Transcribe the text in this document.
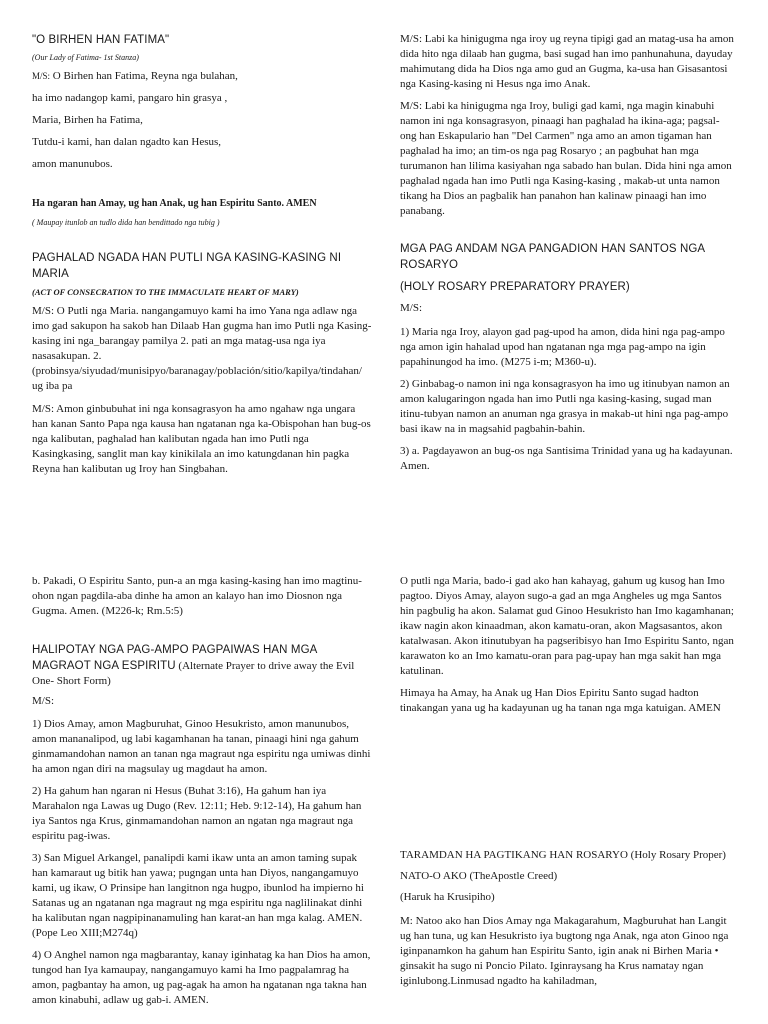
"O BIRHEN HAN FATIMA"

(Our Lady of Fatima- 1st Stanza)

M/S: O Birhen han Fatima, Reyna nga bulahan,

ha imo nadangop kami, pangaro hin grasya ,

Maria, Birhen ha Fatima,

Tutdu-i kami, han dalan ngadto kan Hesus,

amon manunubos.

Ha ngaran han Amay, ug han Anak, ug han Espiritu Santo. AMEN

( Maupay itunlob an tudlo dida han bendittado nga tubig )

PAGHALAD NGADA HAN PUTLI NGA KASING-KASING NI MARIA

(ACT OF CONSECRATION TO THE IMMACULATE HEART OF MARY)

M/S: O Putli nga Maria. nangangamuyo kami ha imo Yana nga adlaw nga imo gad sakupon ha sakob han Dilaab Han gugma han imo Putli nga Kasing-kasing ini nga_barangay pamilya 2. pati an mga matag-usa nga iya nasasakupan. 2.(probinsya/siyudad/munisipyo/baranagay/población/sitio/kapilya/tindahan/ ug iba pa

M/S: Amon ginbubuhat ini nga konsagrasyon ha amo ngahaw nga ungara han kanan Santo Papa nga kausa han ngatanan nga ka-Obispohan han bug-os nga kalibutan, paghalad han kalibutan ngada han imo Putli nga Kasingkasing, sanglit man kay kinikilala an imo katungdanan hin pagka Reyna han kalibutan ug Iroy han Singbahan.

M/S: Labi ka hinigugma nga iroy ug reyna tipigi gad an matag-usa ha amon dida hito nga dilaab han gugma, basi sugad han imo panhunahuna, dayuday mahimutang dida ha Dios nga amo gud an Gugma, ka-usa han Gisasantosi nga Kasing-kasing ni Hesus nga imo Anak.

M/S: Labi ka hinigugma nga Iroy, buligi gad kami, nga magin kinabuhi namon ini nga konsagrasyon, pinaagi han paghalad ha ikina-aga; pagsal-ong han Eskapulario han "Del Carmen" nga amo an amon tigaman han paghalad ha imo; an tim-os nga pag Rosaryo ; an pagbuhat han mga turumanon han lilima kasiyahan nga sabado han bulan. Dida hini nga amon paghalad ngada han imo Putli nga Kasing-kasing , makab-ut unta namon tikang ha Dios an pagbalik han panahon han kalinaw pinaagi han imo panabang.

MGA PAG ANDAM NGA PANGADION HAN SANTOS NGA ROSARYO

(HOLY ROSARY PREPARATORY PRAYER)

M/S:

1) Maria nga Iroy, alayon gad pag-upod ha amon, dida hini nga pag-ampo nga amon igin hahalad upod han ngatanan nga mga pag-ampo na igin papahinungod ha imo. (M275 i-m; M360-u).

2) Ginbabag-o namon ini nga konsagrasyon ha imo ug itinubyan namon an amon kalugaringon ngada han imo Putli nga kasing-kasing, sugad man itinu-tubyan namon an anuman nga grasya in makab-ut hini nga pag-ampo basi ikaw na in magsahid pagbahin-bahin.

3) a. Pagdayawon an bug-os nga Santisima Trinidad yana ug ha kadayunan. Amen.

b. Pakadi, O Espiritu Santo, pun-a an mga kasing-kasing han imo magtinu-ohon ngan pagdila-aba dinhe ha amon an kalayo han imo Diosnon nga Gugma. Amen. (M226-k; Rm.5:5)

HALIPOTAY NGA PAG-AMPO PAGPAIWAS HAN MGA MAGRAOT NGA ESPIRITU (Alternate Prayer to drive away the Evil One- Short Form)

M/S:

1) Dios Amay, amon Magburuhat, Ginoo Hesukristo, amon manunubos, amon mananalipod, ug labi kagamhanan ha tanan, pinaagi hini nga gahum ginmamandohan namon an tanan nga magraut nga espiritu nga umiwas dinhi ha amon ngan diri na magsulay ug magdaut ha amon.

2) Ha gahum han ngaran ni Hesus (Buhat 3:16), Ha gahum han iya Marahalon nga Lawas ug Dugo (Rev. 12:11; Heb. 9:12-14), Ha gahum han iya Santos nga Krus, ginmamandohan namon an ngatan nga magraut nga espiritu pag-iwas.

3) San Miguel Arkangel, panalipdi kami ikaw unta an amon taming supak han kamaraut ug bitik han yawa; pugngan unta han Diyos, nangangamuyo kami, ug ikaw, O Prinsipe han langitnon nga hugpo, ibunlod ha impierno hi Satanas ug an ngatanan nga magraut ng mga espiritu nga naglilinakat dinhi ha kalibutan ngan nagpipinanamuling han karat-an han mga kalag. AMEN. (Pope Leo XIII;M274q)

4) O Anghel namon nga magbarantay, kanay iginhatag ka han Dios ha amon, tungod han Iya kamaupay, nangangamuyo kami ha Imo pagpalamrag ha amon, pagbantay ha amon, ug pag-agak ha amon ha ngatanan nga takna han amon kinabuhi, adlaw ug gab-i. AMEN.

O putli nga Maria, bado-i gad ako han kahayag, gahum ug kusog han Imo pagtoo. Diyos Amay, alayon sugo-a gad an mga Angheles ug mga Santos hin pagbulig ha akon. Salamat gud Ginoo Hesukristo han Imo kagamhanan; ikaw nagin akon kinaadman, akon kamatu-oran, akon Magsasantos, akon katalwasan. Akon itinutubyan ha pagseribisyo han Imo Espiritu Santo, ngan karawaton ko an Imo kamatu-oran para pag-upay han mga sakit han mga katulinan.

Himaya ha Amay, ha Anak ug Han Dios Epiritu Santo sugad hadton tinakangan yana ug ha kadayunan ug ha tanan nga mga katuigan. AMEN

TARAMDAN HA PAGTIKANG HAN ROSARYO (Holy Rosary Proper)

NATO-O AKO (TheApostle Creed)

(Haruk ha Krusipiho)

M: Natoo ako han Dios Amay nga Makagarahum, Magburuhat han Langit ug han tuna, ug kan Hesukristo iya bugtong nga Anak, nga aton Ginoo nga iginpanamkon ha gahum han Espiritu Santo, igin anak ni Birhen Maria • ginsakit ha sugo ni Poncio Pilato. Iginraysang ha Krus namatay ngan iginlubong.Linmusad ngadto ha kahiladman,
